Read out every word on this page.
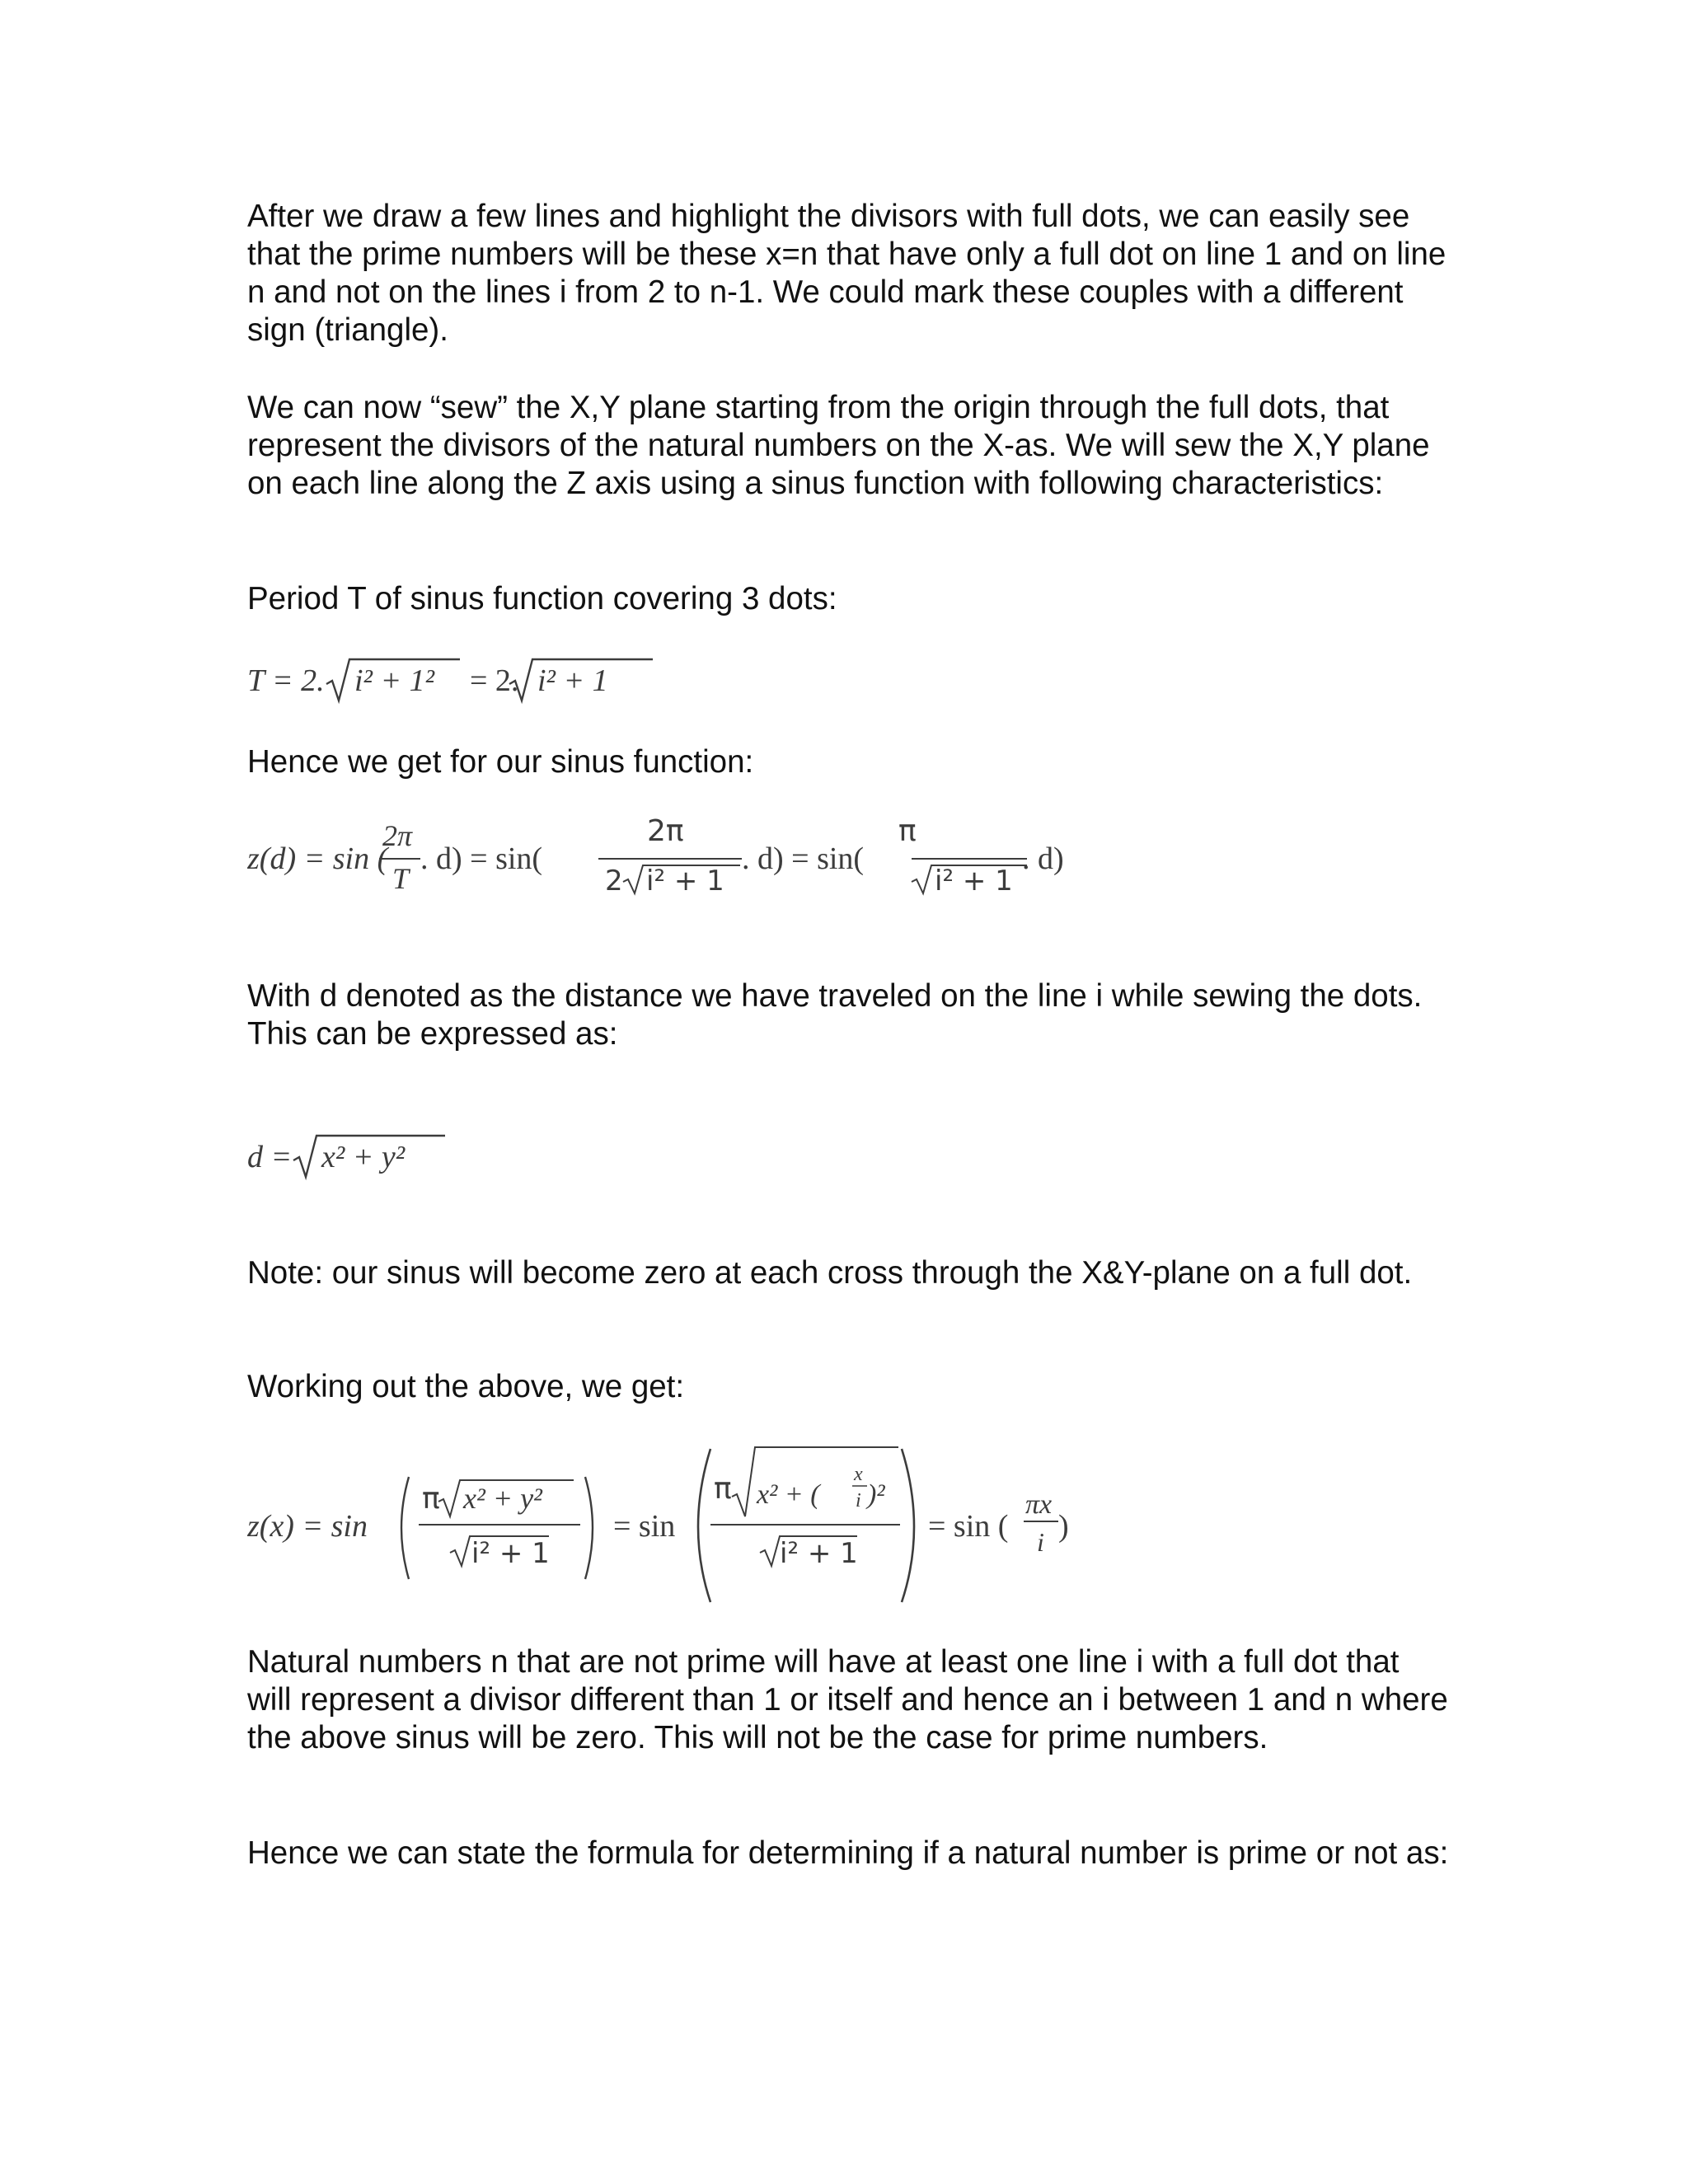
After we draw a few lines and highlight the divisors with full dots, we can easily see that the prime numbers will be these x=n that have only a full dot on line 1 and on line n and not on the lines i from 2 to n-1. We could mark these couples with a different sign (triangle).

We can now “sew” the X,Y plane starting from the origin through the full dots, that represent the divisors of the natural numbers on the X-as. We will sew the X,Y plane on each line along the Z axis using a sinus function with following characteristics:

Period T of sinus function covering 3 dots:

T = 2. i² + 1² = 2. i² + 1

Hence we get for our sinus function:

z(d) = sin (
2π
T
. d) = sin(
2π
2 i² + 1
. d) = sin(
π
i² + 1
. d)

With d denoted as the distance we have traveled on the line i while sewing the dots.
This can be expressed as:

d = x² + y²

Note: our sinus will become zero at each cross through the X&Y-plane on a full dot.

Working out the above, we get:

z(x) = sin
π x² + y²
i² + 1
= sin
π x² + (
x
i )²
i² + 1
= sin (
πx
i )

Natural numbers n that are not prime will have at least one line i with a full dot that will represent a divisor different than 1 or itself and hence an i between 1 and n where the above sinus will be zero. This will not be the case for prime numbers.

Hence we can state the formula for determining if a natural number is prime or not as:
